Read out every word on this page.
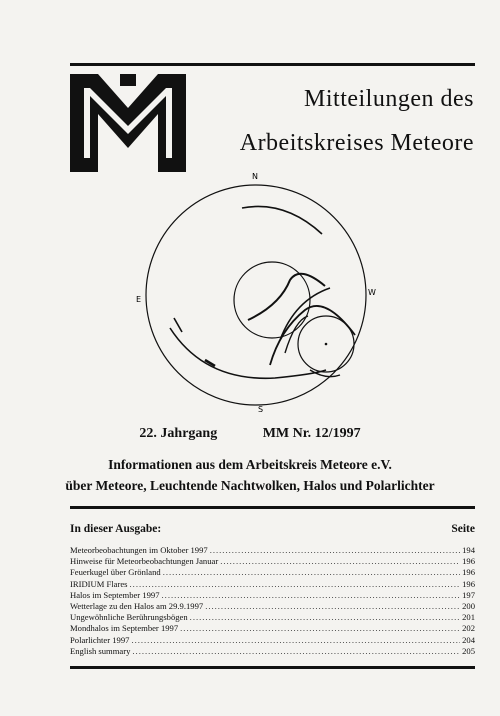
Mitteilungen des
Arbeitskreises Meteore
N
S
E
W
22. Jahrgang	MM Nr. 12/1997
Informationen aus dem Arbeitskreis Meteore e.V.
über Meteore, Leuchtende Nachtwolken, Halos und Polarlichter
In dieser Ausgabe:	Seite
Meteorbeobachtungen im Oktober 1997 .....	194
Hinweise für Meteorbeobachtungen Januar .....	196
Feuerkugel über Grönland .....	196
IRIDIUM Flares .....	196
Halos im September 1997 .....	197
Wetterlage zu den Halos am 29.9.1997 .....	200
Ungewöhnliche Berührungsbögen .....	201
Mondhalos im September 1997 .....	202
Polarlichter 1997 .....	204
English summary .....	205
